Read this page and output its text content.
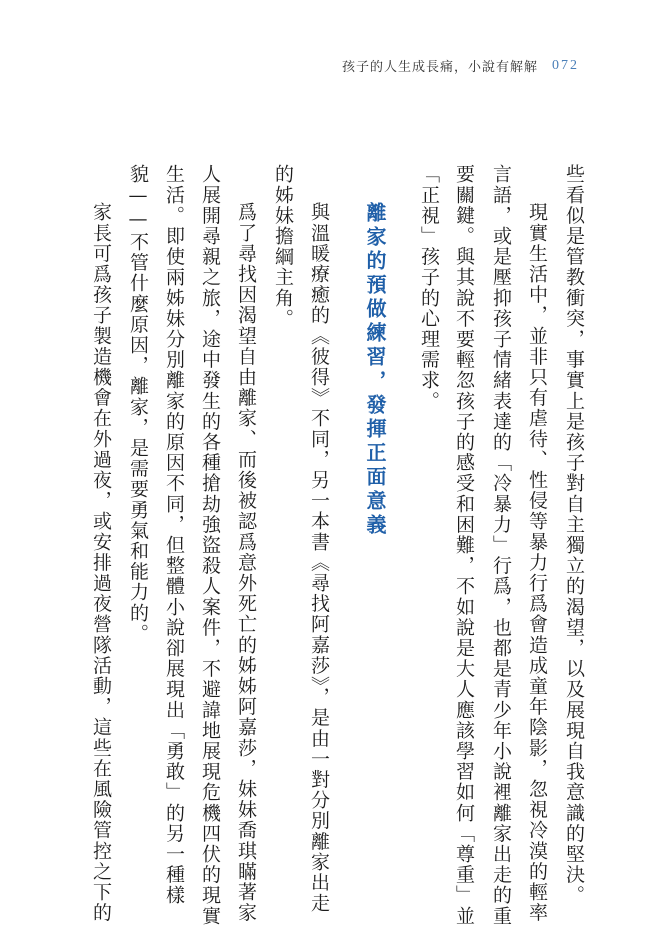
孩子的人生成長痛，小說有解解 072
些看似是管教衝突，事實上是孩子對自主獨立的渴望，以及展現自我意識的堅決。
現實生活中，並非只有虐待、性侵等暴力行爲會造成童年陰影，忽視冷漠的輕率
言語，或是壓抑孩子情緒表達的「冷暴力」行爲，也都是青少年小說裡離家出走的重
要關鍵。與其說不要輕忽孩子的感受和困難，不如說是大人應該學習如何「尊重」並
「正視」孩子的心理需求。
離家的預做練習，發揮正面意義
與溫暖療癒的《彼得》不同，另一本書《尋找阿嘉莎》，是由一對分別離家出走
的姊妹擔綱主角。
爲了尋找因渴望自由離家、而後被認爲意外死亡的姊姊阿嘉莎，妹妹喬琪瞞著家
人展開尋親之旅，途中發生的各種搶劫強盜殺人案件，不避諱地展現危機四伏的現實
生活。即使兩姊妹分別離家的原因不同，但整體小說卻展現出「勇敢」的另一種樣
貌——不管什麼原因，離家，是需要勇氣和能力的。
家長可爲孩子製造機會在外過夜，或安排過夜營隊活動，這些在風險管控之下的
